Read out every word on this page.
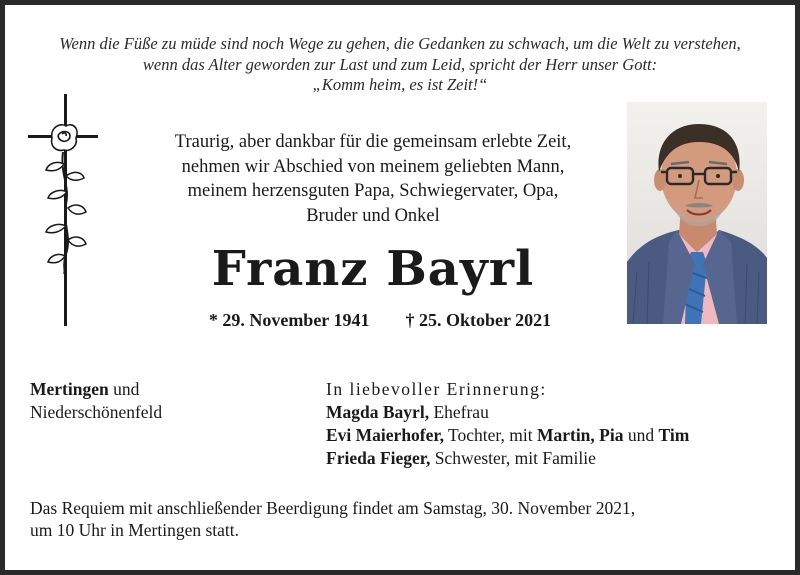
Wenn die Füße zu müde sind noch Wege zu gehen, die Gedanken zu schwach, um die Welt zu verstehen,
wenn das Alter geworden zur Last und zum Leid, spricht der Herr unser Gott:
„Komm heim, es ist Zeit!“
Traurig, aber dankbar für die gemeinsam erlebte Zeit,
nehmen wir Abschied von meinem geliebten Mann,
meinem herzensguten Papa, Schwiegervater, Opa,
Bruder und Onkel
Franz Bayrl
* 29. November 1941 † 25. Oktober 2021
Mertingen und
Niederschönenfeld
In liebevoller Erinnerung:
Magda Bayrl, Ehefrau
Evi Maierhofer, Tochter, mit Martin, Pia und Tim
Frieda Fieger, Schwester, mit Familie
Das Requiem mit anschließender Beerdigung findet am Samstag, 30. November 2021,
um 10 Uhr in Mertingen statt.
